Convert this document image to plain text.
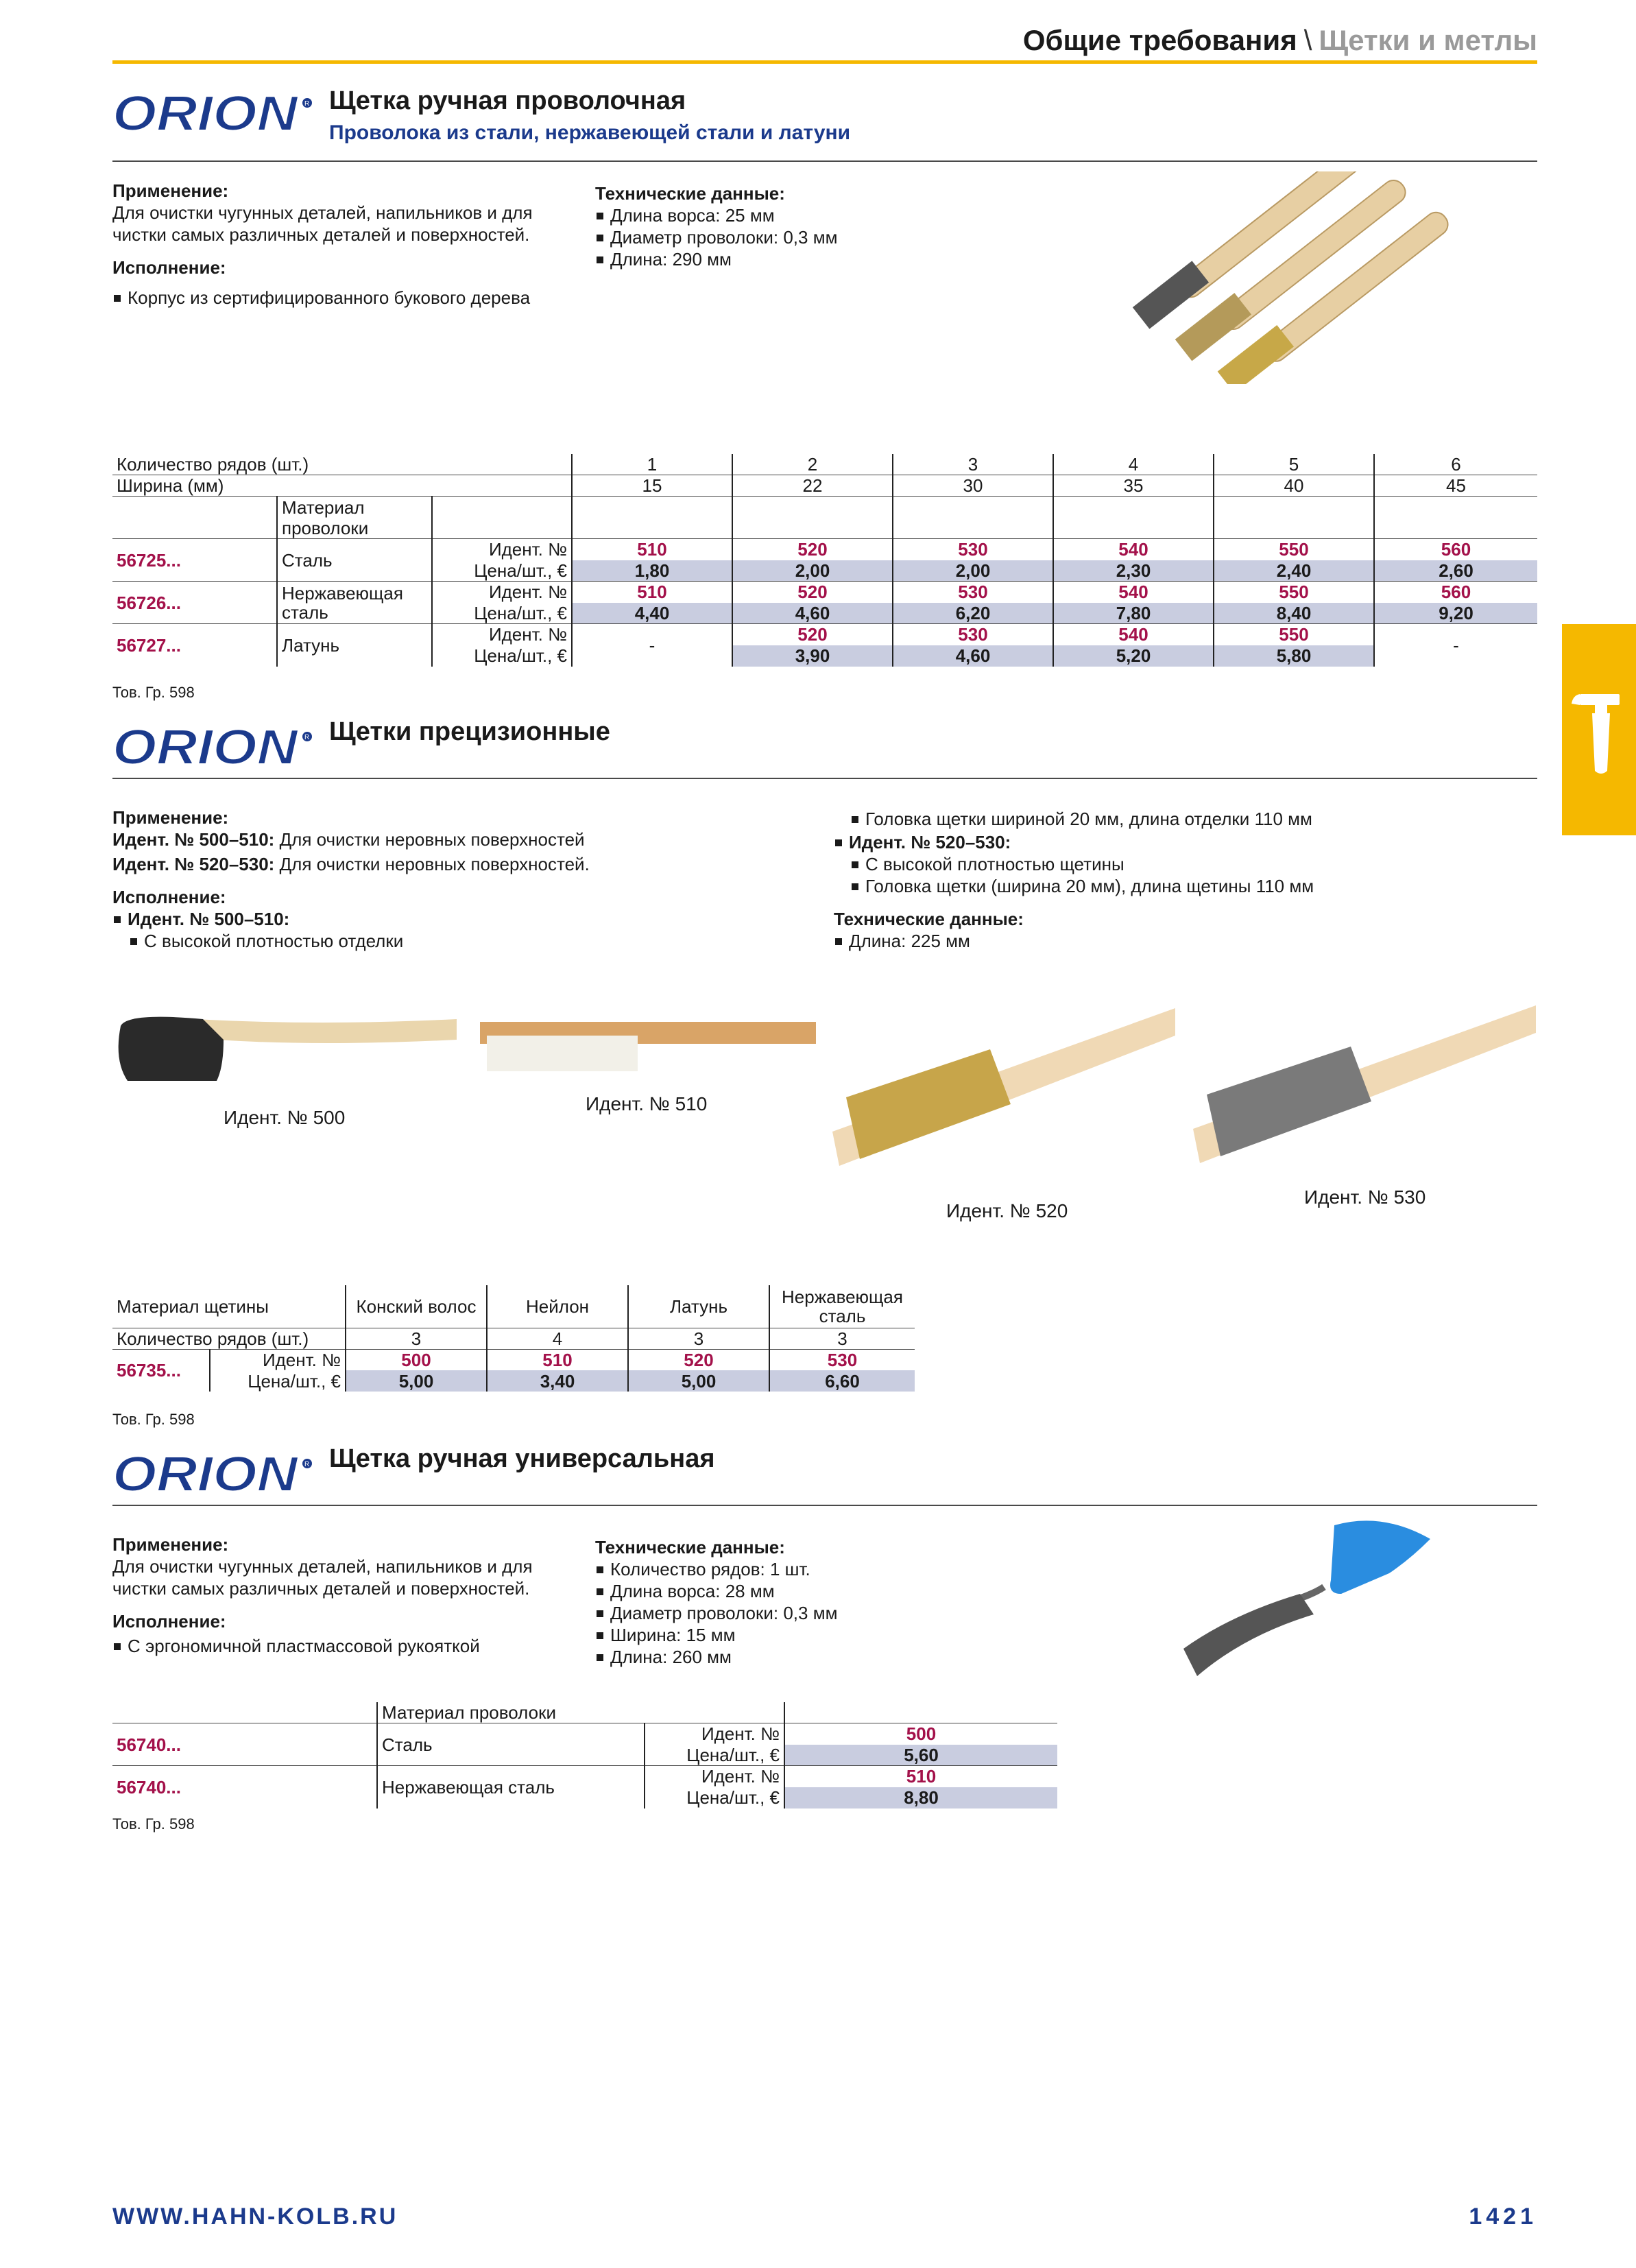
Общие требования \ Щетки и метлы
ORION R Щетка ручная проволочная
Проволока из стали, нержавеющей стали и латуни

Применение:

Для очистки чугунных деталей, напильников и для

чистки самых различных деталей и поверхностей.

Исполнение:

Корпус из сертифицированного букового дерева

Технические данные:

Длина ворса: 25 мм

Диаметр проволоки: 0,3 мм

Длина: 290 мм

Количество рядов (шт.)			1	2	3	4	5	6
Ширина (мм)			15	22	30	35	40	45
	Материал
проволоки							
56725...	Сталь	Идент. №	510	520	530	540	550	560
		Цена/шт., €	1,80	2,00	2,00	2,30	2,40	2,60
56726...	Нержавеющая
сталь	Идент. №	510	520	530	540	550	560
		Цена/шт., €	4,40	4,60	6,20	7,80	8,40	9,20
56727...	Латунь	Идент. №	-	520	530	540	550	-
		Цена/шт., €		3,90	4,60	5,20	5,80	
Тов. Гр. 598
ORION R Щетки прецизионные

Применение:

Идент. № 500–510: Для очистки неровных поверхностей

Идент. № 520–530: Для очистки неровных поверхностей.

Исполнение:

Идент. № 500–510:

С высокой плотностью отделки

Головка щетки шириной 20 мм, длина отделки 110 мм

Идент. № 520–530:

С высокой плотностью щетины

Головка щетки (ширина 20 мм), длина щетины 110 мм

Технические данные:

Длина: 225 мм

Идент. № 500
Идент. № 510
Идент. № 520
Идент. № 530
Материал щетины		Конский волос	Нейлон	Латунь	Нержавеющая
сталь
Количество рядов (шт.)		3	4	3	3
56735...	Идент. №	500	510	520	530
	Цена/шт., €	5,00	3,40	5,00	6,60
Тов. Гр. 598
ORION R Щетка ручная универсальная

Применение:

Для очистки чугунных деталей, напильников и для

чистки самых различных деталей и поверхностей.

Исполнение:

С эргономичной пластмассовой рукояткой

Технические данные:

Количество рядов: 1 шт.

Длина ворса: 28 мм

Диаметр проволоки: 0,3 мм

Ширина: 15 мм

Длина: 260 мм

	Материал проволоки		
56740...	Сталь	Идент. №	500
		Цена/шт., €	5,60
56740...	Нержавеющая сталь	Идент. №	510
		Цена/шт., €	8,80
Тов. Гр. 598
WWW.HAHN-KOLB.RU	1421
